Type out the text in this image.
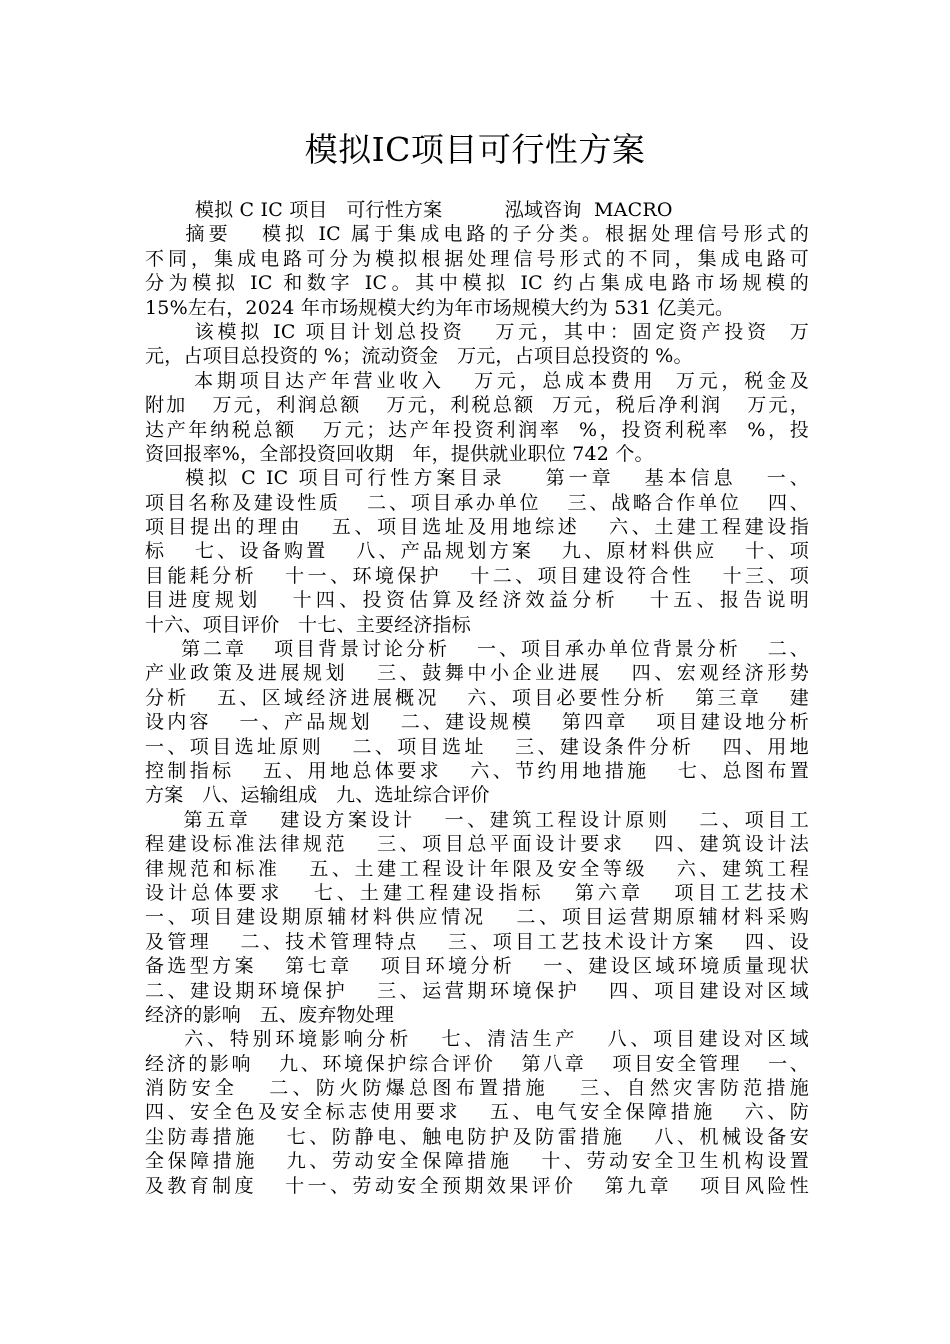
模拟IC项目可行性方案
模拟 C IC 项目   可行性方案          泓域咨询  MACRO
摘要   模拟 IC 属于集成电路的子分类。根据处理信号形式的
不同，集成电路可分为模拟根据处理信号形式的不同，集成电路可
分为模拟 IC 和数字 IC。其中模拟 IC 约占集成电路市场规模的
15%左右，2024 年市场规模大约为年市场规模大约为 531 亿美元。
该模拟 IC 项目计划总投资   万元，其中：固定资产投资  万
元，占项目总投资的 %；流动资金   万元，占项目总投资的 %。
本期项目达产年营业收入   万元，总成本费用  万元，税金及
附加   万元，利润总额   万元，利税总额  万元，税后净利润   万元，
达产年纳税总额   万元；达产年投资利润率  %，投资利税率  %，投
资回报率%，全部投资回收期   年，提供就业职位 742 个。
模拟 C IC 项目可行性方案目录    第一章   基本信息   一、
项目名称及建设性质   二、项目承办单位   三、战略合作单位   四、
项目提出的理由   五、项目选址及用地综述   六、土建工程建设指
标   七、设备购置   八、产品规划方案   九、原材料供应   十、项
目能耗分析   十一、环境保护   十二、项目建设符合性   十三、项
目进度规划   十四、投资估算及经济效益分析   十五、报告说明
十六、项目评价   十七、主要经济指标
第二章   项目背景讨论分析   一、项目承办单位背景分析   二、
产业政策及进展规划   三、鼓舞中小企业进展   四、宏观经济形势
分析   五、区域经济进展概况   六、项目必要性分析   第三章   建
设内容   一、产品规划   二、建设规模   第四章   项目建设地分析
一、项目选址原则   二、项目选址   三、建设条件分析   四、用地
控制指标   五、用地总体要求   六、节约用地措施   七、总图布置
方案   八、运输组成   九、选址综合评价
第五章   建设方案设计   一、建筑工程设计原则   二、项目工
程建设标准法律规范   三、项目总平面设计要求   四、建筑设计法
律规范和标准   五、土建工程设计年限及安全等级   六、建筑工程
设计总体要求   七、土建工程建设指标   第六章   项目工艺技术
一、项目建设期原辅材料供应情况   二、项目运营期原辅材料采购
及管理   二、技术管理特点   三、项目工艺技术设计方案   四、设
备选型方案   第七章   项目环境分析   一、建设区域环境质量现状
二、建设期环境保护   三、运营期环境保护   四、项目建设对区域
经济的影响   五、废弃物处理
六、特别环境影响分析   七、清洁生产   八、项目建设对区域
经济的影响   九、环境保护综合评价   第八章   项目安全管理   一、
消防安全   二、防火防爆总图布置措施   三、自然灾害防范措施
四、安全色及安全标志使用要求   五、电气安全保障措施   六、防
尘防毒措施   七、防静电、触电防护及防雷措施   八、机械设备安
全保障措施   九、劳动安全保障措施   十、劳动安全卫生机构设置
及教育制度   十一、劳动安全预期效果评价   第九章   项目风险性
